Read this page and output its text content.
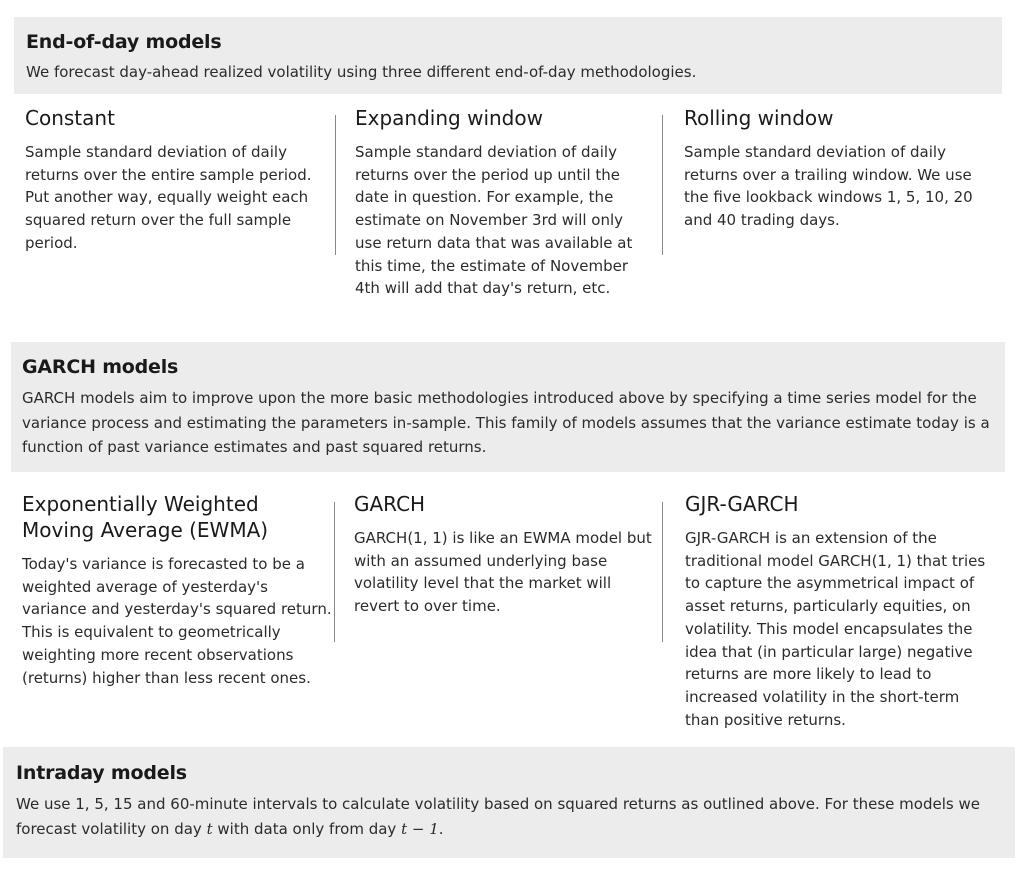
End-of-day models

We forecast day-ahead realized volatility using three different end-of-day methodologies.

Constant

Sample standard deviation of daily returns over the entire sample period. Put another way, equally weight each squared return over the full sample period.

Expanding window

Sample standard deviation of daily returns over the period up until the date in question. For example, the estimate on November 3rd will only use return data that was available at this time, the estimate of November 4th will add that day's return, etc.

Rolling window

Sample standard deviation of daily returns over a trailing window. We use the five lookback windows 1, 5, 10, 20 and 40 trading days.

GARCH models

GARCH models aim to improve upon the more basic methodologies introduced above by specifying a time series model for the variance process and estimating the parameters in-sample. This family of models assumes that the variance estimate today is a function of past variance estimates and past squared returns.

Exponentially Weighted Moving Average (EWMA)

Today's variance is forecasted to be a weighted average of yesterday's variance and yesterday's squared return. This is equivalent to geometrically weighting more recent observations (returns) higher than less recent ones.

GARCH

GARCH(1, 1) is like an EWMA model but with an assumed underlying base volatility level that the market will revert to over time.

GJR-GARCH

GJR-GARCH is an extension of the traditional model GARCH(1, 1) that tries to capture the asymmetrical impact of asset returns, particularly equities, on volatility. This model encapsulates the idea that (in particular large) negative returns are more likely to lead to increased volatility in the short-term than positive returns.

Intraday models

We use 1, 5, 15 and 60-minute intervals to calculate volatility based on squared returns as outlined above. For these models we forecast volatility on day t with data only from day t − 1.
